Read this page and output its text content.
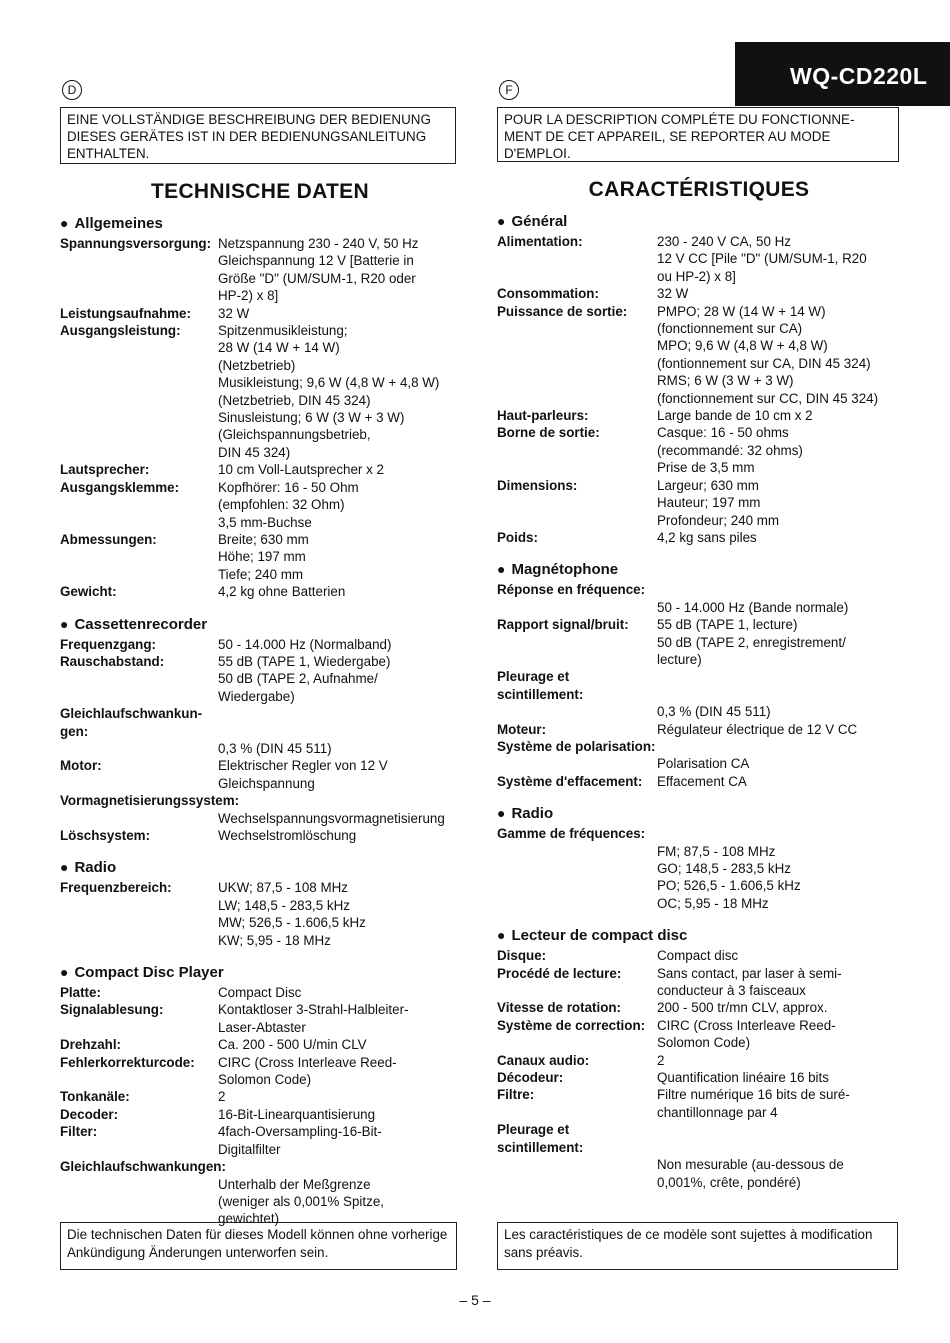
WQ-CD220L
D
EINE VOLLSTÄNDIGE BESCHREIBUNG DER BEDIENUNG DIESES GERÄTES IST IN DER BEDIENUNGSANLEITUNG ENTHALTEN.
TECHNISCHE DATEN
● Allgemeines
Spannungsversorgung: Netzspannung 230 - 240 V, 50 Hz
Gleichspannung 12 V [Batterie in
Größe "D" (UM/SUM-1, R20 oder
HP-2) x 8]
Leistungsaufnahme:	32 W
Ausgangsleistung:	Spitzenmusikleistung;
28 W (14 W + 14 W)
(Netzbetrieb)
Musikleistung; 9,6 W (4,8 W + 4,8 W)
(Netzbetrieb, DIN 45 324)
Sinusleistung; 6 W (3 W + 3 W)
(Gleichspannungsbetrieb,
DIN 45 324)
Lautsprecher:	10 cm Voll-Lautsprecher x 2
Ausgangsklemme:	Kopfhörer: 16 - 50 Ohm
(empfohlen: 32 Ohm)
3,5 mm-Buchse
Abmessungen:	Breite; 630 mm
Höhe; 197 mm
Tiefe; 240 mm
Gewicht:	4,2 kg ohne Batterien
● Cassettenrecorder
Frequenzgang:	50 - 14.000 Hz (Normalband)
Rauschabstand:	55 dB (TAPE 1, Wiedergabe)
50 dB (TAPE 2, Aufnahme/
Wiedergabe)
Gleichlaufschwankun-gen:
0,3 % (DIN 45 511)
Motor:	Elektrischer Regler von 12 V
Gleichspannung
Vormagnetisierungssystem:
Wechselspannungsvormagnetisierung
Löschsystem:	Wechselstromlöschung
● Radio
Frequenzbereich:	UKW; 87,5 - 108 MHz
LW; 148,5 - 283,5 kHz
MW; 526,5 - 1.606,5 kHz
KW; 5,95 - 18 MHz
● Compact Disc Player
Platte:	Compact Disc
Signalablesung:	Kontaktloser 3-Strahl-Halbleiter-
Laser-Abtaster
Drehzahl:	Ca. 200 - 500 U/min CLV
Fehlerkorrekturcode:	CIRC (Cross Interleave Reed-
Solomon Code)
Tonkanäle:	2
Decoder:	16-Bit-Linearquantisierung
Filter:	4fach-Oversampling-16-Bit-
Digitalfilter
Gleichlaufschwankungen:
Unterhalb der Meßgrenze
(weniger als 0,001% Spitze,
gewichtet)
F
POUR LA DESCRIPTION COMPLÉTE DU FONCTIONNE-MENT DE CET APPAREIL, SE REPORTER AU MODE D'EMPLOI.
CARACTÉRISTIQUES
● Général
Alimentation:	230 - 240 V CA, 50 Hz
12 V CC [Pile "D" (UM/SUM-1, R20
ou HP-2) x 8]
Consommation:	32 W
Puissance de sortie:	PMPO; 28 W (14 W + 14 W)
(fonctionnement sur CA)
MPO; 9,6 W (4,8 W + 4,8 W)
(fontionnement sur CA, DIN 45 324)
RMS; 6 W (3 W + 3 W)
(fonctionnement sur CC, DIN 45 324)
Haut-parleurs:	Large bande de 10 cm x 2
Borne de sortie:	Casque: 16 - 50 ohms
(recommandé: 32 ohms)
Prise de 3,5 mm
Dimensions:	Largeur; 630 mm
Hauteur; 197 mm
Profondeur; 240 mm
Poids:	4,2 kg sans piles
● Magnétophone
Réponse en fréquence:
50 - 14.000 Hz (Bande normale)
Rapport signal/bruit:	55 dB (TAPE 1, lecture)
50 dB (TAPE 2, enregistrement/
lecture)
Pleurage et scintillement:
0,3 % (DIN 45 511)
Moteur:	Régulateur électrique de 12 V CC
Système de polarisation:
Polarisation CA
Système d'effacement:	Effacement CA
● Radio
Gamme de fréquences:
FM; 87,5 - 108 MHz
GO; 148,5 - 283,5 kHz
PO; 526,5 - 1.606,5 kHz
OC; 5,95 - 18 MHz
● Lecteur de compact disc
Disque:	Compact disc
Procédé de lecture:	Sans contact, par laser à semi-
conducteur à 3 faisceaux
Vitesse de rotation:	200 - 500 tr/mn CLV, approx.
Système de correction: CIRC (Cross Interleave Reed-
Solomon Code)
Canaux audio:	2
Décodeur:	Quantification linéaire 16 bits
Filtre:	Filtre numérique 16 bits de suré-
chantillonnage par 4
Pleurage et scintillement:
Non mesurable (au-dessous de
0,001%, crête, pondéré)
Die technischen Daten für dieses Modell können ohne vorherige Ankündigung Änderungen unterworfen sein.
Les caractéristiques de ce modèle sont sujettes à modification sans préavis.
– 5 –
